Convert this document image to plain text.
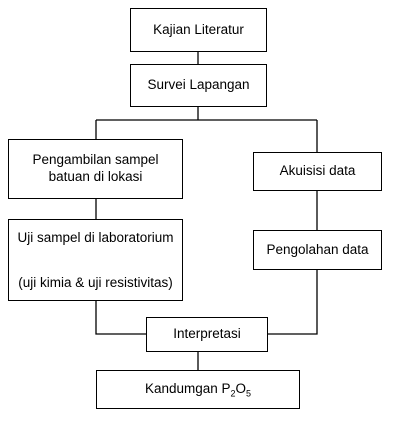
Kajian Literatur
Survei Lapangan
Pengambilan sampel
batuan di lokasi	Akuisisi data
Uji sampel di laboratorium
(uji kimia & uji resistivitas)
Pengolahan data
Interpretasi
Kandumgan $P_2O_5$
